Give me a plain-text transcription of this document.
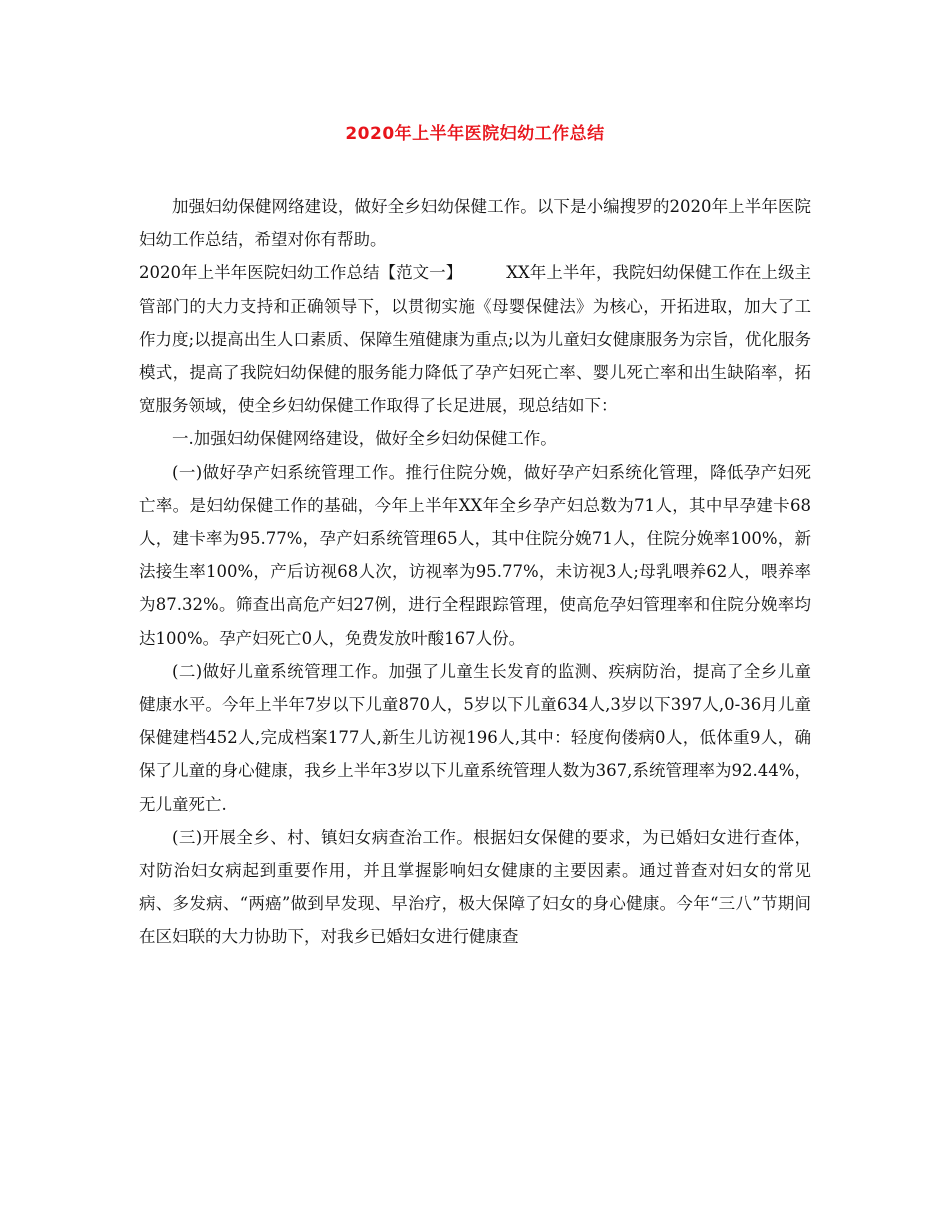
2020年上半年医院妇幼工作总结

加强妇幼保健网络建设，做好全乡妇幼保健工作。以下是小编搜罗的2020年上半年医院妇幼工作总结，希望对你有帮助。

2020年上半年医院妇幼工作总结【范文一】	XX年上半年，我院妇幼保健工作在上级主管部门的大力支持和正确领导下，以贯彻实施《母婴保健法》为核心，开拓进取，加大了工作力度;以提高出生人口素质、保障生殖健康为重点;以为儿童妇女健康服务为宗旨，优化服务模式，提高了我院妇幼保健的服务能力降低了孕产妇死亡率、婴儿死亡率和出生缺陷率，拓宽服务领域，使全乡妇幼保健工作取得了长足进展，现总结如下：

一.加强妇幼保健网络建设，做好全乡妇幼保健工作。

(一)做好孕产妇系统管理工作。推行住院分娩，做好孕产妇系统化管理，降低孕产妇死亡率。是妇幼保健工作的基础，今年上半年XX年全乡孕产妇总数为71人，其中早孕建卡68人，建卡率为95.77%，孕产妇系统管理65人，其中住院分娩71人，住院分娩率100%，新法接生率100%，产后访视68人次，访视率为95.77%，未访视3人;母乳喂养62人，喂养率为87.32%。筛查出高危产妇27例，进行全程跟踪管理，使高危孕妇管理率和住院分娩率均达100%。孕产妇死亡0人，免费发放叶酸167人份。

(二)做好儿童系统管理工作。加强了儿童生长发育的监测、疾病防治，提高了全乡儿童健康水平。今年上半年7岁以下儿童870人，5岁以下儿童634人,3岁以下397人,0-36月儿童保健建档452人,完成档案177人,新生儿访视196人,其中：轻度佝偻病0人，低体重9人，确保了儿童的身心健康，我乡上半年3岁以下儿童系统管理人数为367,系统管理率为92.44%，无儿童死亡.

(三)开展全乡、村、镇妇女病查治工作。根据妇女保健的要求，为已婚妇女进行查体，对防治妇女病起到重要作用，并且掌握影响妇女健康的主要因素。通过普查对妇女的常见病、多发病、“两癌”做到早发现、早治疗，极大保障了妇女的身心健康。今年“三八”节期间在区妇联的大力协助下，对我乡已婚妇女进行健康查
